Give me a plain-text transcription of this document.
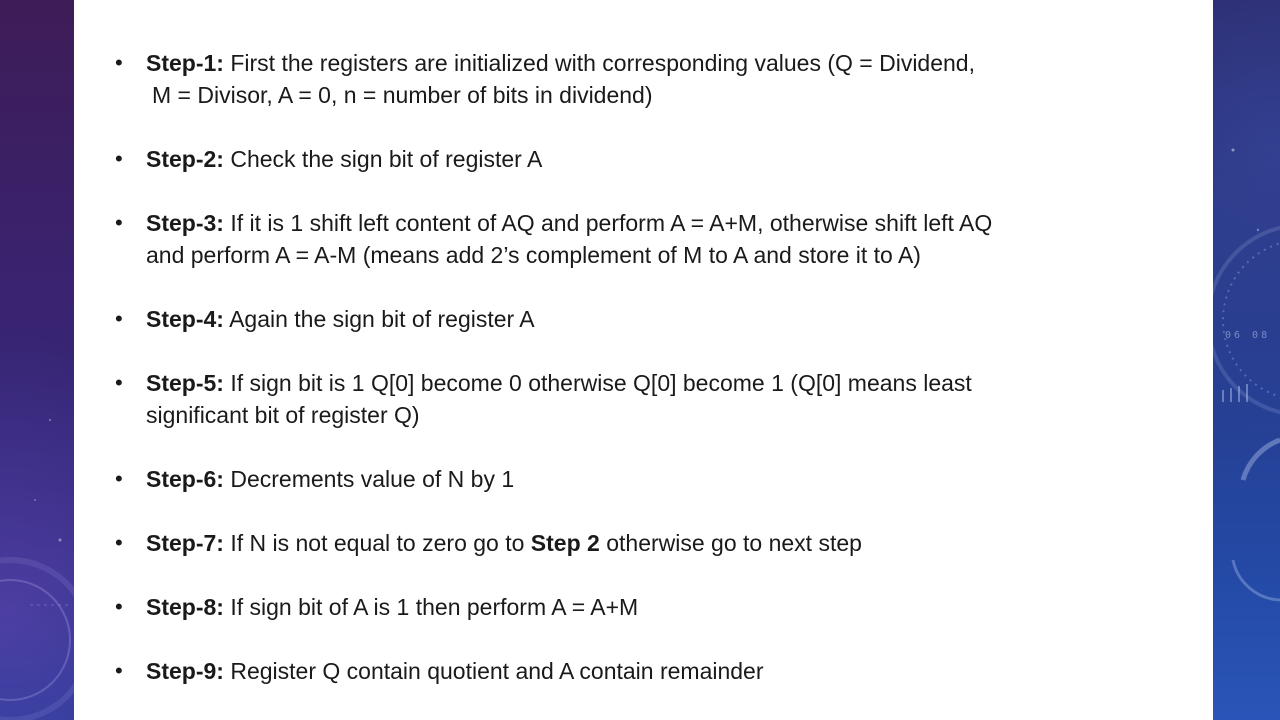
06 08
• Step-1: First the registers are initialized with corresponding values (Q = Dividend,
M = Divisor, A = 0, n = number of bits in dividend)
• Step-2: Check the sign bit of register A
• Step-3: If it is 1 shift left content of AQ and perform A = A+M, otherwise shift left AQ
and perform A = A-M (means add 2’s complement of M to A and store it to A)
• Step-4: Again the sign bit of register A
• Step-5: If sign bit is 1 Q[0] become 0 otherwise Q[0] become 1 (Q[0] means least
significant bit of register Q)
• Step-6: Decrements value of N by 1
• Step-7: If N is not equal to zero go to Step 2 otherwise go to next step
• Step-8: If sign bit of A is 1 then perform A = A+M
• Step-9: Register Q contain quotient and A contain remainder
